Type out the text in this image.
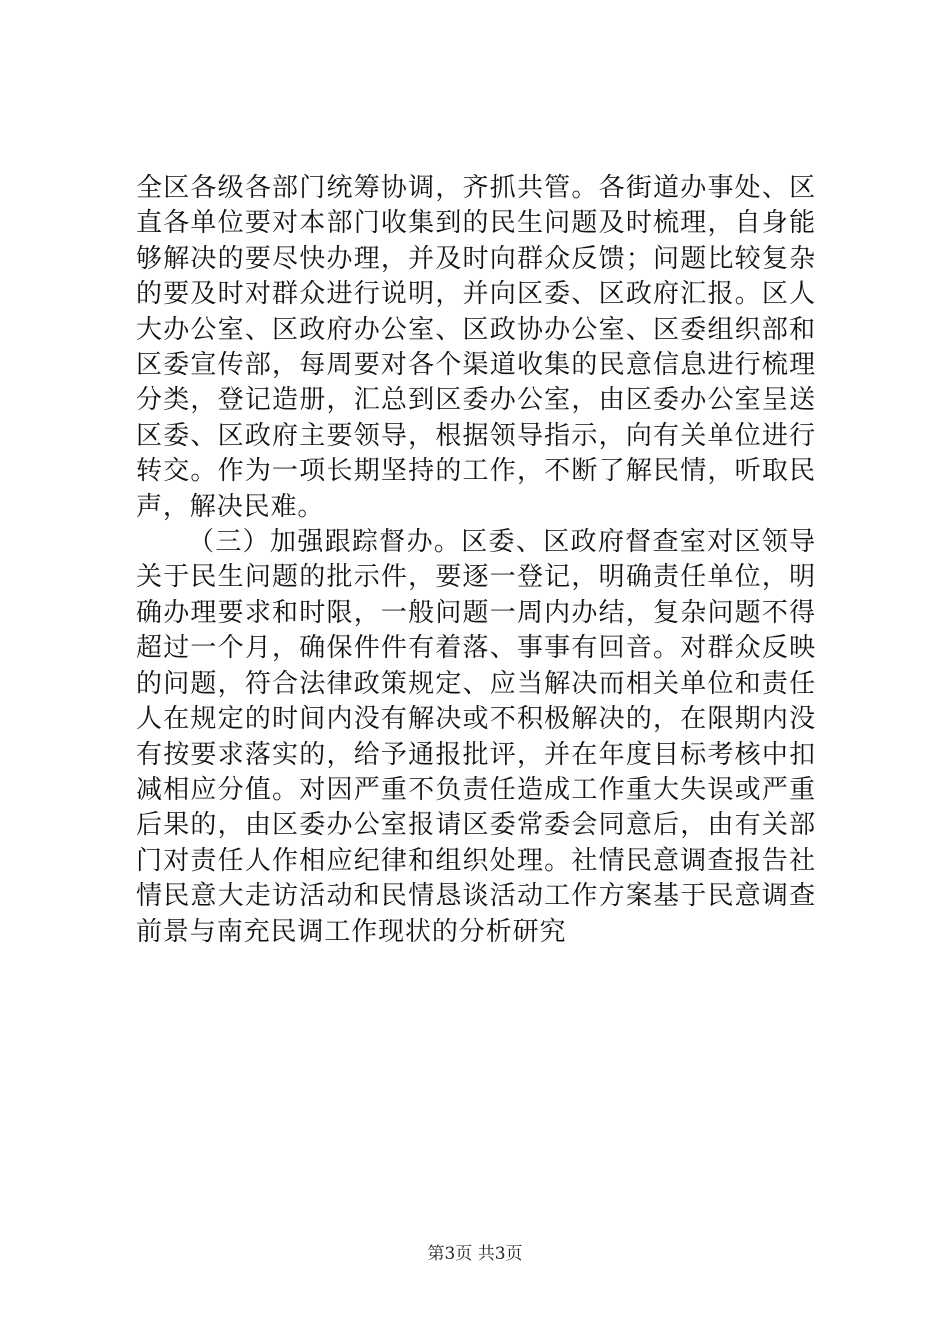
全区各级各部门统筹协调，齐抓共管。各街道办事处、区直各单位要对本部门收集到的民生问题及时梳理，自身能够解决的要尽快办理，并及时向群众反馈；问题比较复杂的要及时对群众进行说明，并向区委、区政府汇报。区人大办公室、区政府办公室、区政协办公室、区委组织部和区委宣传部，每周要对各个渠道收集的民意信息进行梳理分类，登记造册，汇总到区委办公室，由区委办公室呈送区委、区政府主要领导，根据领导指示，向有关单位进行转交。作为一项长期坚持的工作，不断了解民情，听取民声，解决民难。

（三）加强跟踪督办。区委、区政府督查室对区领导关于民生问题的批示件，要逐一登记，明确责任单位，明确办理要求和时限，一般问题一周内办结，复杂问题不得超过一个月，确保件件有着落、事事有回音。对群众反映的问题，符合法律政策规定、应当解决而相关单位和责任人在规定的时间内没有解决或不积极解决的，在限期内没有按要求落实的，给予通报批评，并在年度目标考核中扣减相应分值。对因严重不负责任造成工作重大失误或严重后果的，由区委办公室报请区委常委会同意后，由有关部门对责任人作相应纪律和组织处理。社情民意调查报告社情民意大走访活动和民情恳谈活动工作方案基于民意调查前景与南充民调工作现状的分析研究

第3页 共3页
